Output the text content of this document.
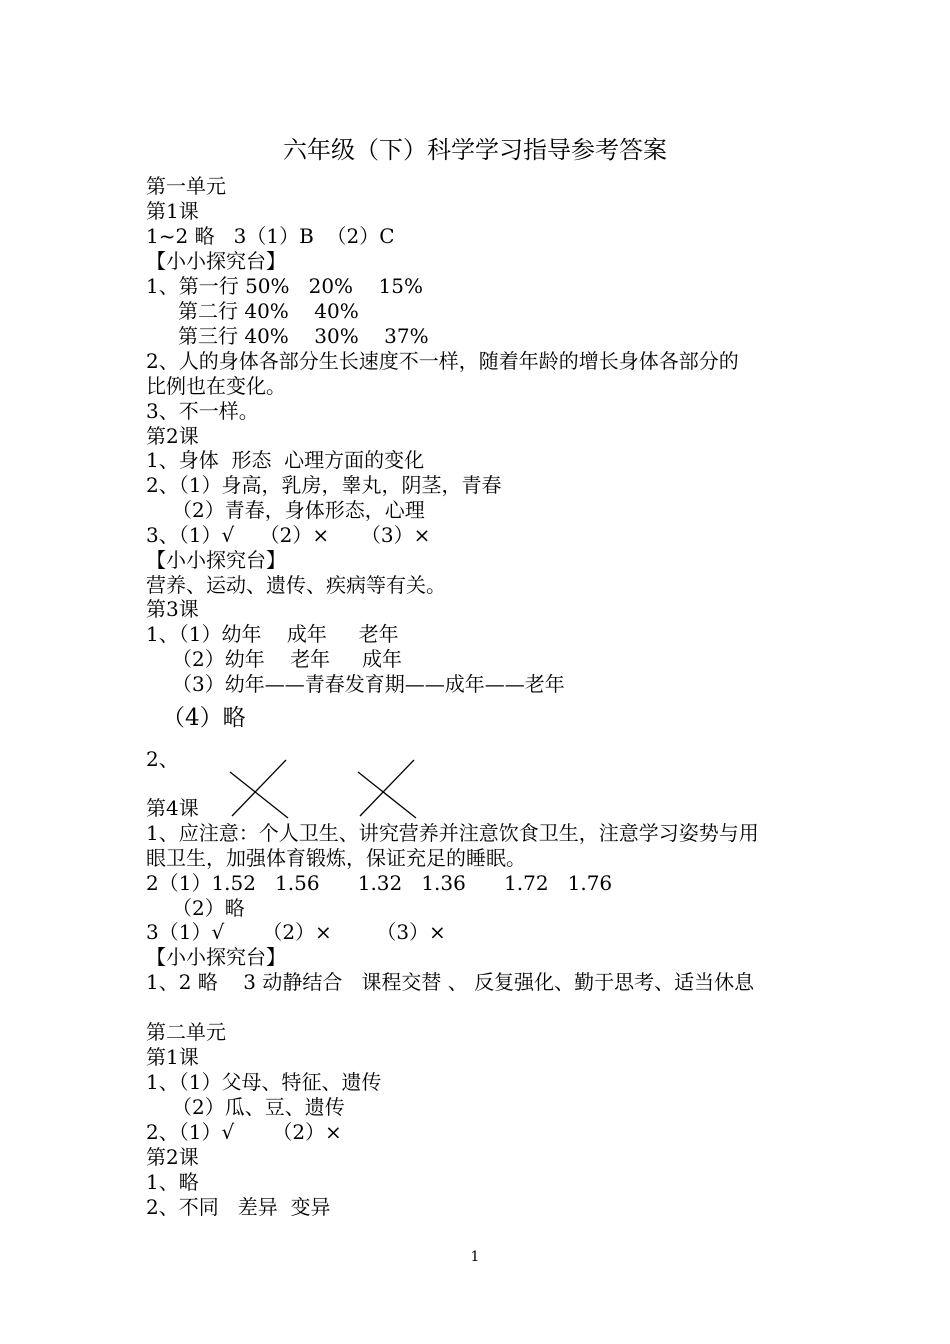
六年级（下）科学学习指导参考答案
第一单元
第1课
1~2 略   3（1）B  （2）C
【小小探究台】
1、第一行 50%   20%    15%
第二行 40%    40%
第三行 40%    30%    37%
2、人的身体各部分生长速度不一样，随着年龄的增长身体各部分的
比例也在变化。
3、不一样。
第2课
1、身体  形态  心理方面的变化
2、（1）身高，乳房，睾丸，阴茎，青春
（2）青春，身体形态，心理
3、（1）√    （2）×     （3）×
【小小探究台】
营养、运动、遗传、疾病等有关。
第3课
1、（1）幼年    成年     老年
（2）幼年    老年     成年
（3）幼年——青春发育期——成年——老年
（4）略
2、
第4课
1、应注意：个人卫生、讲究营养并注意饮食卫生，注意学习姿势与用
眼卫生，加强体育锻炼，保证充足的睡眠。
2（1）1.52   1.56      1.32   1.36      1.72   1.76
（2）略
3（1）√      （2）×       （3）×
【小小探究台】
1、2 略    3 动静结合   课程交替 、 反复强化、勤于思考、适当休息
第二单元
第1课
1、（1）父母、特征、遗传
（2）瓜、豆、遗传
2、（1）√      （2）×
第2课
1、略
2、不同   差异  变异
1
